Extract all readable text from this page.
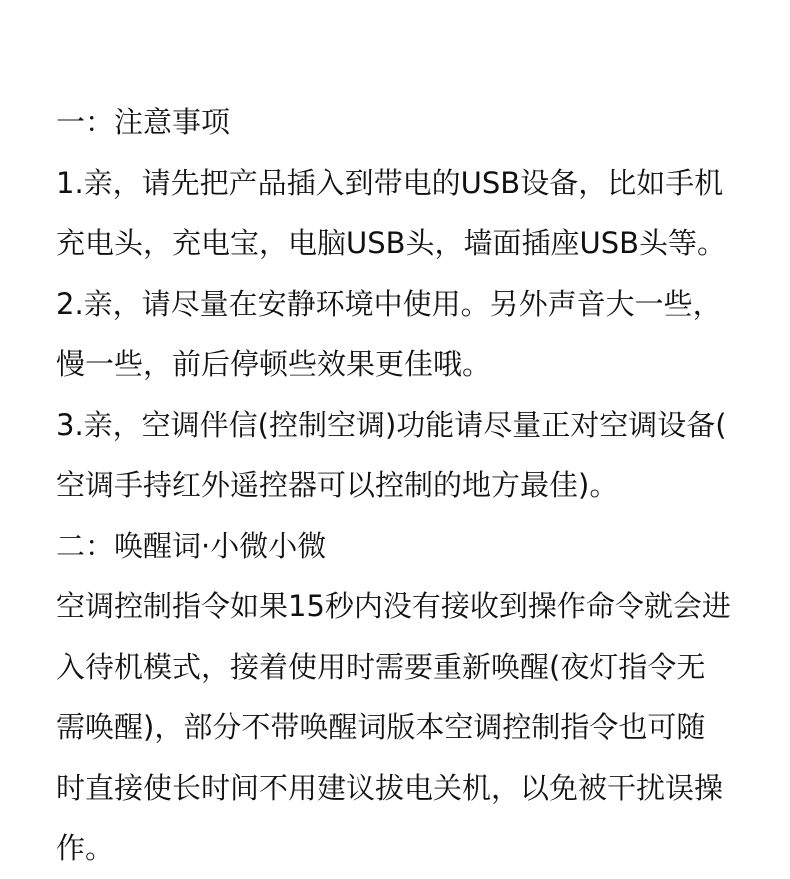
一：注意事项
1.亲，请先把产品插入到带电的USB设备，比如手机
充电头，充电宝，电脑USB头，墙面插座USB头等。
2.亲，请尽量在安静环境中使用。另外声音大一些，
慢一些，前后停顿些效果更佳哦。
3.亲，空调伴信(控制空调)功能请尽量正对空调设备(
空调手持红外遥控器可以控制的地方最佳)。
二：唤醒词·小微小微
空调控制指令如果15秒内没有接收到操作命令就会进
入待机模式，接着使用时需要重新唤醒(夜灯指令无
需唤醒)，部分不带唤醒词版本空调控制指令也可随
时直接使长时间不用建议拔电关机，以免被干扰误操
作。
